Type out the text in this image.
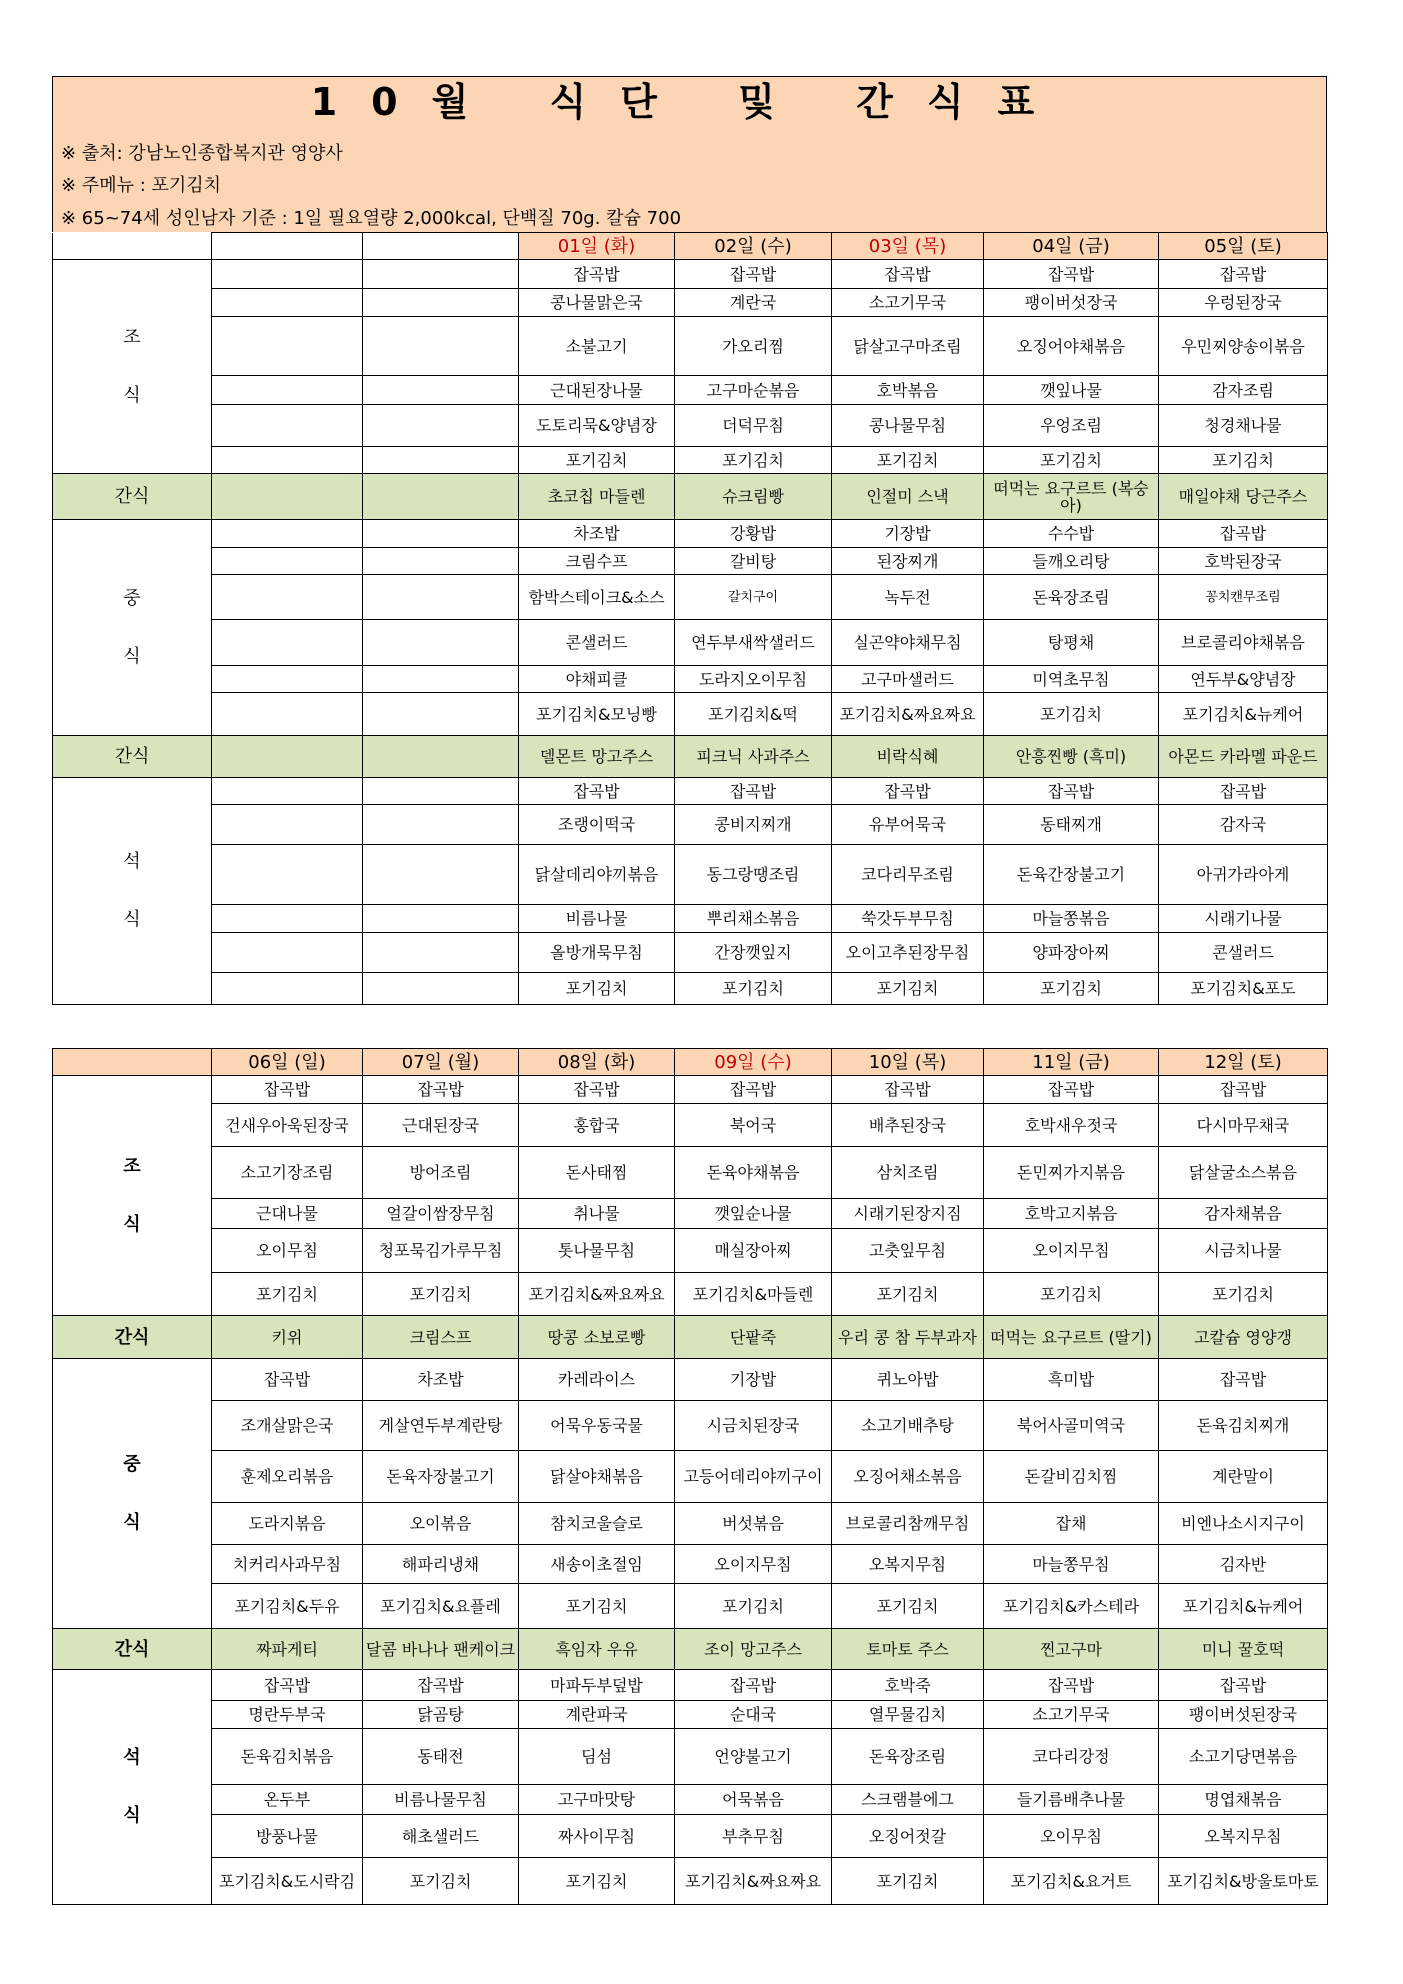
10월 식단 및 간식표
※ 출처: 강남노인종합복지관 영양사
※ 주메뉴 : 포기김치
※ 65~74세 성인남자 기준 : 1일 필요열량 2,000kcal, 단백질 70g. 칼슘 700
			01일 (화)	02일 (수)	03일 (목)	04일 (금)	05일 (토)

조
식			잡곡밥	잡곡밥	잡곡밥	잡곡밥	잡곡밥
			콩나물맑은국	계란국	소고기무국	팽이버섯장국	우렁된장국
			소불고기	가오리찜	닭살고구마조림	오징어야채볶음	우민찌양송이볶음
			근대된장나물	고구마순볶음	호박볶음	깻잎나물	감자조림
			도토리묵&양념장	더덕무침	콩나물무침	우엉조림	청경채나물
			포기김치	포기김치	포기김치	포기김치	포기김치
간식			초코칩 마들렌	슈크림빵	인절미 스낵	떠먹는 요구르트 (복숭아)	매일야채 당근주스

중
식			차조밥	강황밥	기장밥	수수밥	잡곡밥
			크림수프	갈비탕	된장찌개	들깨오리탕	호박된장국
			함박스테이크&소스	갈치구이	녹두전	돈육장조림	꽁치캔무조림
			콘샐러드	연두부새싹샐러드	실곤약야채무침	탕평채	브로콜리야채볶음
			야채피클	도라지오이무침	고구마샐러드	미역초무침	연두부&양념장
			포기김치&모닝빵	포기김치&떡	포기김치&짜요짜요	포기김치	포기김치&뉴케어
간식			델몬트 망고주스	피크닉 사과주스	비락식혜	안흥찐빵 (흑미)	아몬드 카라멜 파운드

석
식			잡곡밥	잡곡밥	잡곡밥	잡곡밥	잡곡밥
			조랭이떡국	콩비지찌개	유부어묵국	동태찌개	감자국
			닭살데리야끼볶음	동그랑땡조림	코다리무조림	돈육간장불고기	아귀가라아게
			비름나물	뿌리채소볶음	쑥갓두부무침	마늘쫑볶음	시래기나물
			올방개묵무침	간장깻잎지	오이고추된장무침	양파장아찌	콘샐러드
			포기김치	포기김치	포기김치	포기김치	포기김치&포도
	06일 (일)	07일 (월)	08일 (화)	09일 (수)	10일 (목)	11일 (금)	12일 (토)

조
식	잡곡밥	잡곡밥	잡곡밥	잡곡밥	잡곡밥	잡곡밥	잡곡밥
	건새우아욱된장국	근대된장국	홍합국	북어국	배추된장국	호박새우젓국	다시마무채국
	소고기장조림	방어조림	돈사태찜	돈육야채볶음	삼치조림	돈민찌가지볶음	닭살굴소스볶음
	근대나물	얼갈이쌈장무침	취나물	깻잎순나물	시래기된장지짐	호박고지볶음	감자채볶음
	오이무침	청포묵김가루무침	톳나물무침	매실장아찌	고춧잎무침	오이지무침	시금치나물
	포기김치	포기김치	포기김치&짜요짜요	포기김치&마들렌	포기김치	포기김치	포기김치
간식	키위	크림스프	땅콩 소보로빵	단팥죽	우리 콩 참 두부과자	떠먹는 요구르트 (딸기)	고칼슘 영양갱

중
식	잡곡밥	차조밥	카레라이스	기장밥	퀴노아밥	흑미밥	잡곡밥
	조개살맑은국	게살연두부계란탕	어묵우동국물	시금치된장국	소고기배추탕	북어사골미역국	돈육김치찌개
	훈제오리볶음	돈육자장불고기	닭살야채볶음	고등어데리야끼구이	오징어채소볶음	돈갈비김치찜	계란말이
	도라지볶음	오이볶음	참치코울슬로	버섯볶음	브로콜리참깨무침	잡채	비엔나소시지구이
	치커리사과무침	해파리냉채	새송이초절임	오이지무침	오복지무침	마늘쫑무침	김자반
	포기김치&두유	포기김치&요플레	포기김치	포기김치	포기김치	포기김치&카스테라	포기김치&뉴케어
간식	짜파게티	달콤 바나나 팬케이크	흑임자 우유	조이 망고주스	토마토 주스	찐고구마	미니 꿀호떡

석
식	잡곡밥	잡곡밥	마파두부덮밥	잡곡밥	호박죽	잡곡밥	잡곡밥
	명란두부국	닭곰탕	계란파국	순대국	열무물김치	소고기무국	팽이버섯된장국
	돈육김치볶음	동태전	딤섬	언양불고기	돈육장조림	코다리강정	소고기당면볶음
	온두부	비름나물무침	고구마맛탕	어묵볶음	스크램블에그	들기름배추나물	명엽채볶음
	방풍나물	해초샐러드	짜사이무침	부추무침	오징어젓갈	오이무침	오복지무침
	포기김치&도시락김	포기김치	포기김치	포기김치&짜요짜요	포기김치	포기김치&요거트	포기김치&방울토마토
